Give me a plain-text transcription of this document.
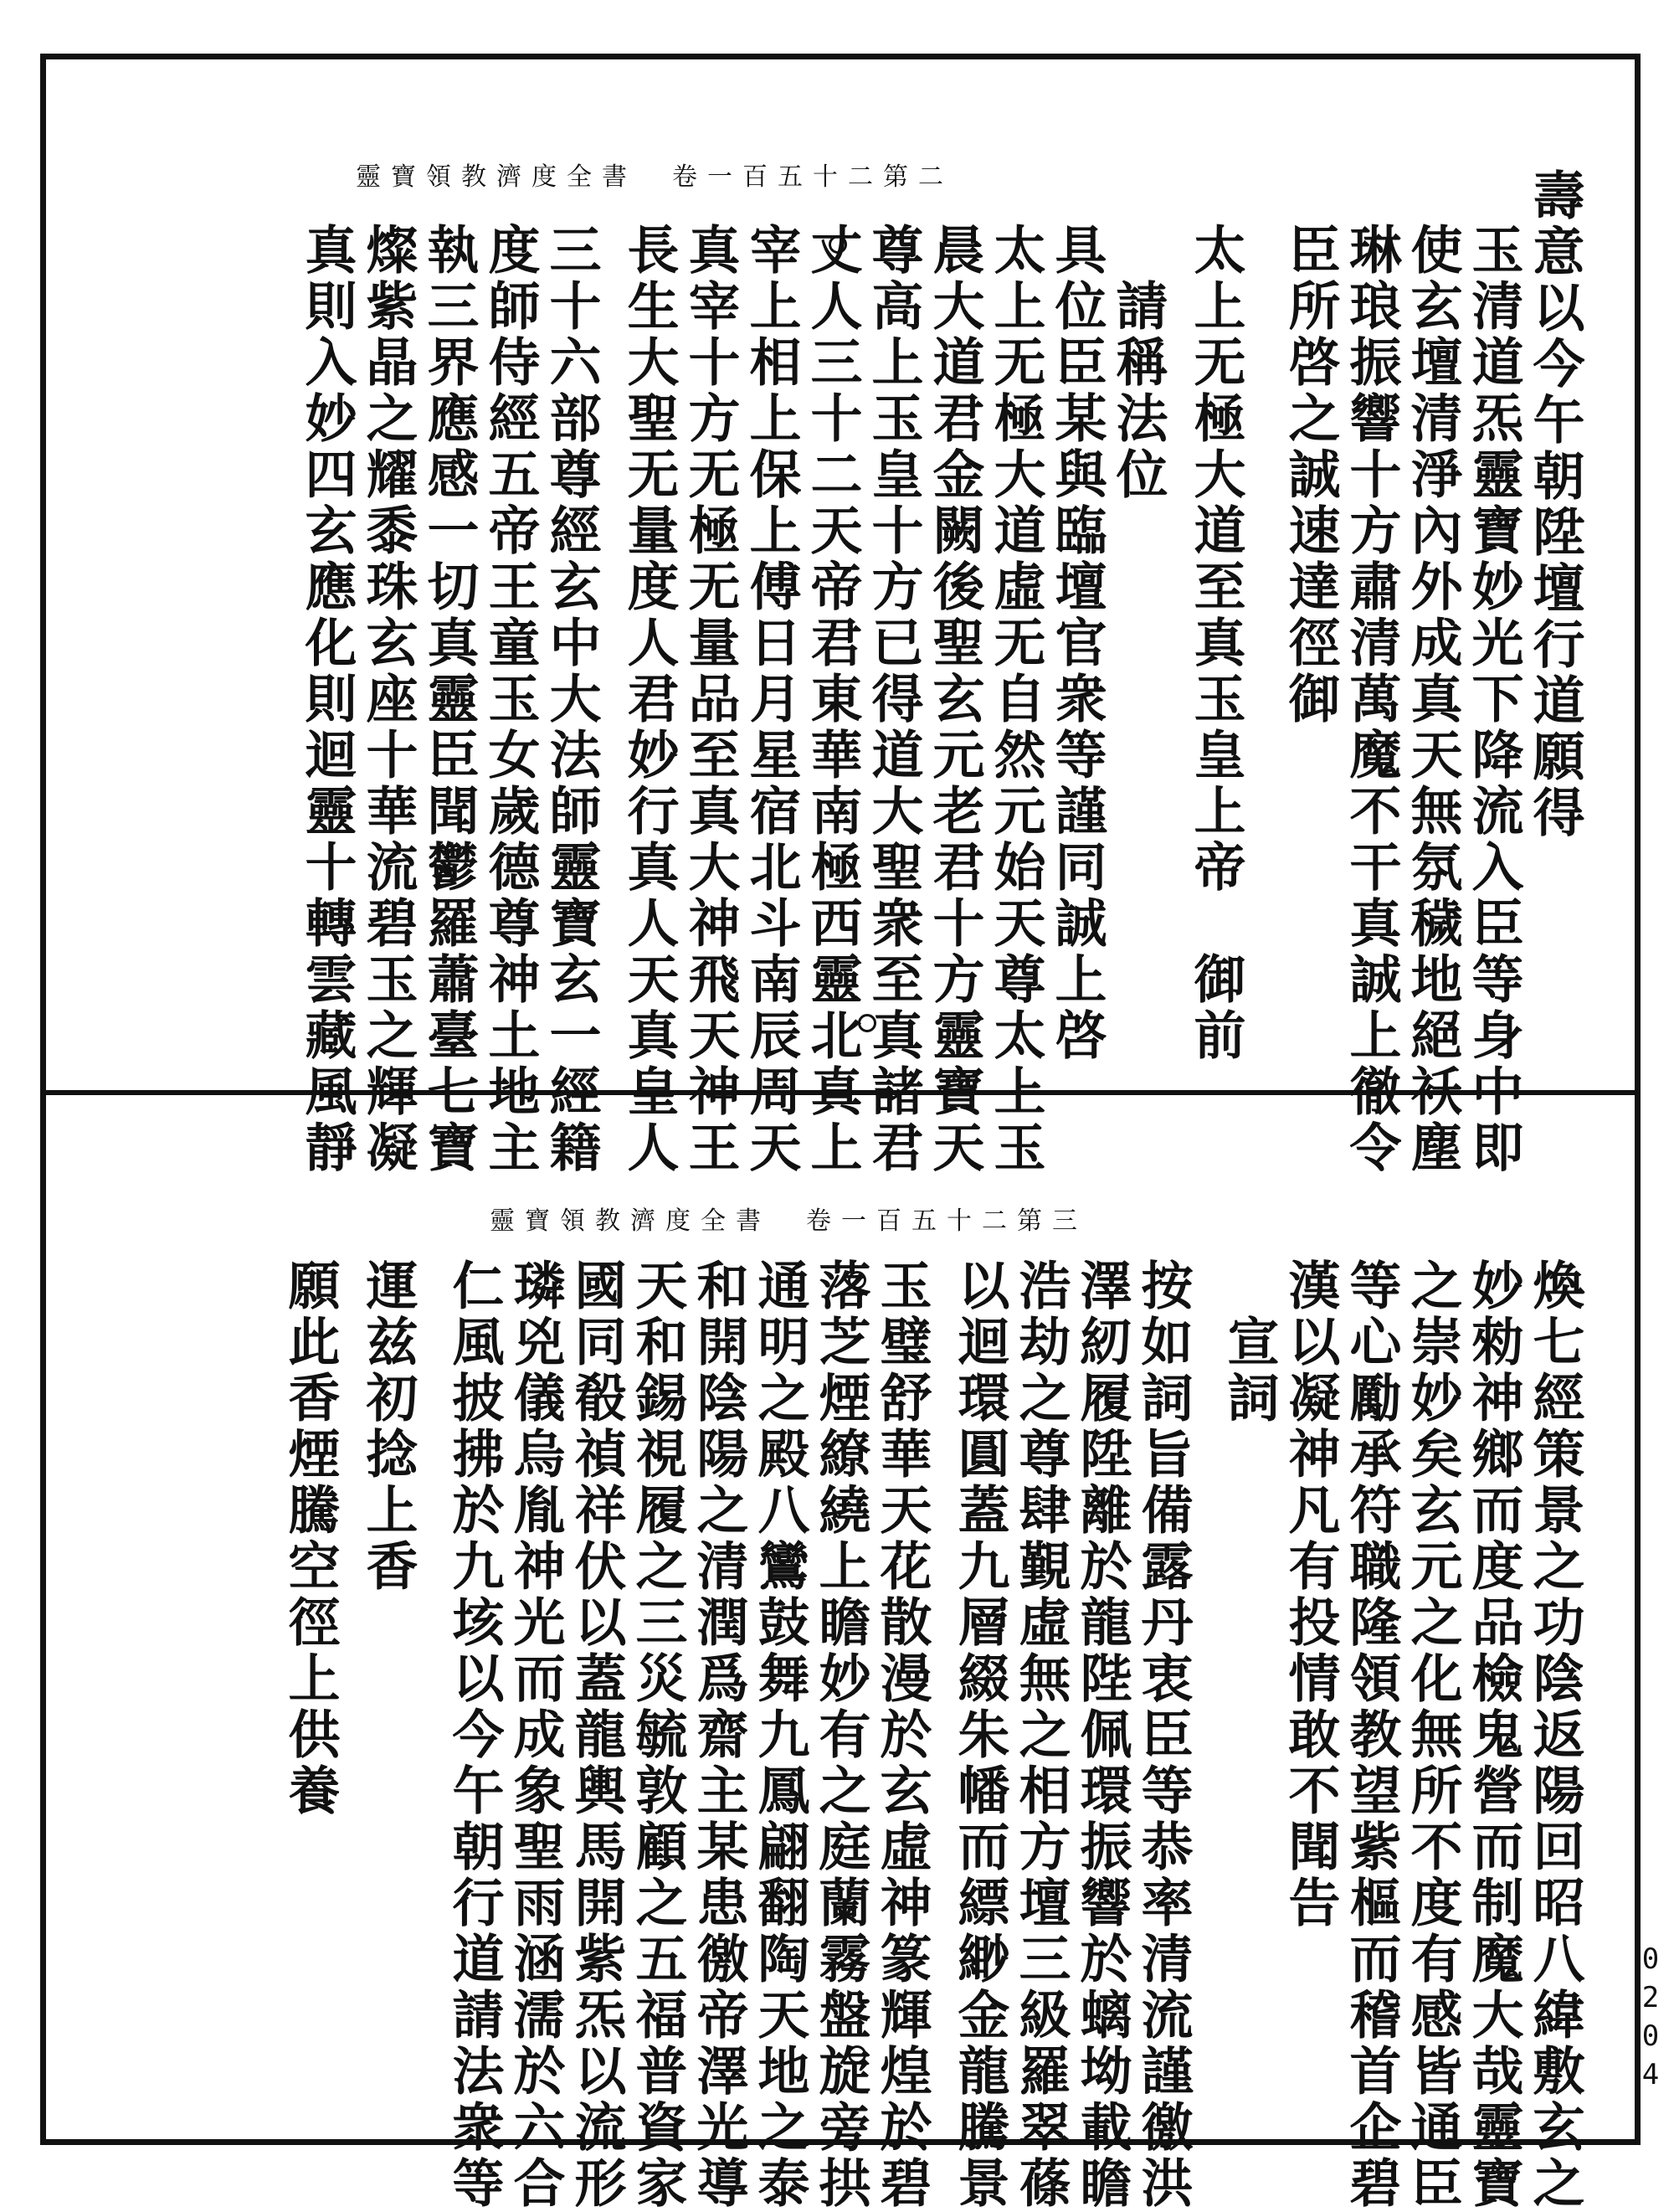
靈寶領教濟度全書　卷一百五十二第二	壽意以今午朝陞壇行道願得
玉清道炁靈寶妙光下降流入臣等身中即
使玄壇清淨內外成真天無氛穢地絕袄塵
琳琅振響十方肅清萬魔不干真誠上徹令
臣所啓之誠速達徑御
太上无極大道至真玉皇上帝　御前
　請稱法位
具位臣某與臨壇官衆等謹同誠上啓
太上无極大道虛无自然元始天尊太上玉
晨大道君金闕後聖玄元老君十方靈寶天
尊高上玉皇十方已得道大聖衆至真諸君
丈人三十二天帝君東華南極西靈北真上
宰上相上保上傅日月星宿北斗南辰周天
真宰十方无極无量品至真大神飛天神王
長生大聖无量度人君妙行真人天真皇人
三十六部尊經玄中大法師靈寶玄一經籍
度師侍經五帝王童玉女歲德尊神土地主
執三界應感一切真靈臣聞鬱羅蕭臺七寶
燦紫晶之耀黍珠玄座十華流碧玉之輝凝
真則入妙四玄應化則迴靈十轉雲藏風靜
靈寶領教濟度全書　卷一百五十二第三
煥七經策景之功陰返陽回昭八緯敷玄之
妙勑神鄉而度品檢鬼營而制魔大哉靈寶
之崇妙矣玄元之化無所不度有感皆通臣
等心勵承符職隆領教望紫樞而稽首企碧
漢以凝神凡有投情敢不聞告
　宣詞
按如詞旨備露丹衷臣等恭率清流謹徼洪
澤紉履陞離於龍陛佩環振響於螭坳載瞻
浩劫之尊肆覲虛無之相方壇三級羅翠蓧
以迴環圓蓋九層綴朱幡而縹緲金龍騰景
玉璧舒華天花散漫於玄虛神篆輝煌於碧
落芝煙繚繞上瞻妙有之庭蘭霧盤旋旁拱
通明之殿八鸞鼓舞九鳳翩翻陶天地之泰
和開陰陽之清潤爲齋主某患徼帝澤光導
天和錫視履之三災毓敦顧之五福普資家
國同殽禎祥伏以蓋龍輿馬開紫炁以流形
璘兇儀烏胤神光而成象聖雨涵濡於六合
仁風披拂於九垓以今午朝行道請法衆等
運兹初捻上香
願此香煙騰空徑上供養
0204
